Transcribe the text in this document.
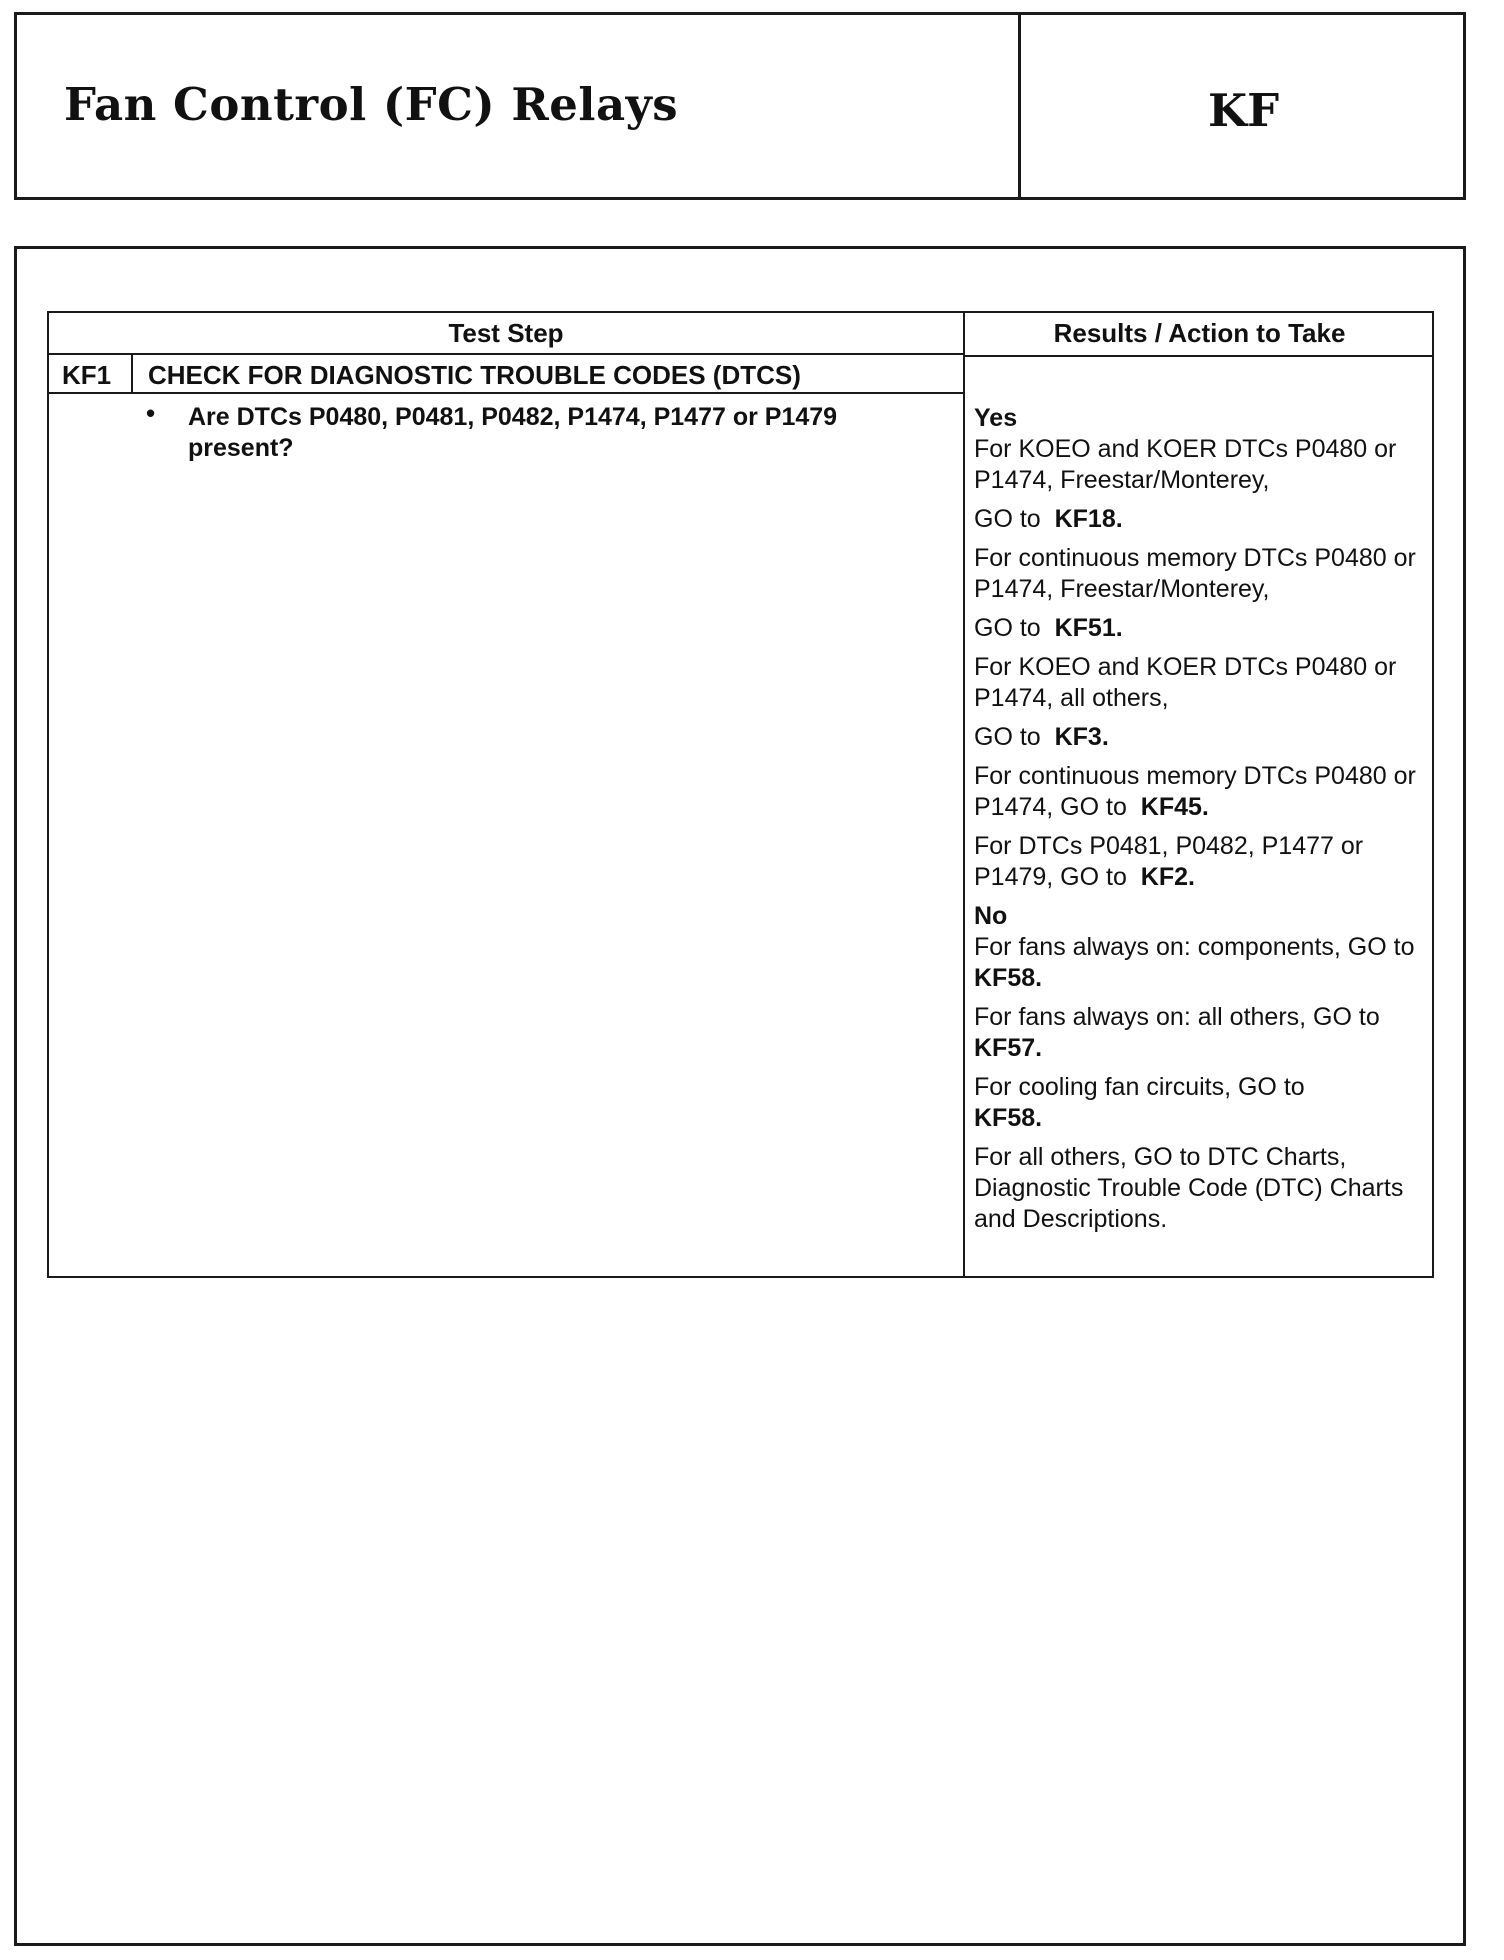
Fan Control (FC) Relays	KF
Test Step	Results / Action to Take
KF1 CHECK FOR DIAGNOSTIC TROUBLE CODES (DTCS)
• Are DTCs P0480, P0481, P0482, P1474, P1477 or P1479 present?
Yes
For KOEO and KOER DTCs P0480 or P1474, Freestar/Monterey,
GO to KF18.
For continuous memory DTCs P0480 or P1474, Freestar/Monterey,
GO to KF51.
For KOEO and KOER DTCs P0480 or P1474, all others,
GO to KF3.
For continuous memory DTCs P0480 or P1474, GO to KF45.
For DTCs P0481, P0482, P1477 or P1479, GO to KF2.
No
For fans always on: components, GO to  KF58.
For fans always on: all others, GO to  KF57.
For cooling fan circuits, GO to
KF58.
For all others, GO to DTC Charts, Diagnostic Trouble Code (DTC) Charts and Descriptions.
